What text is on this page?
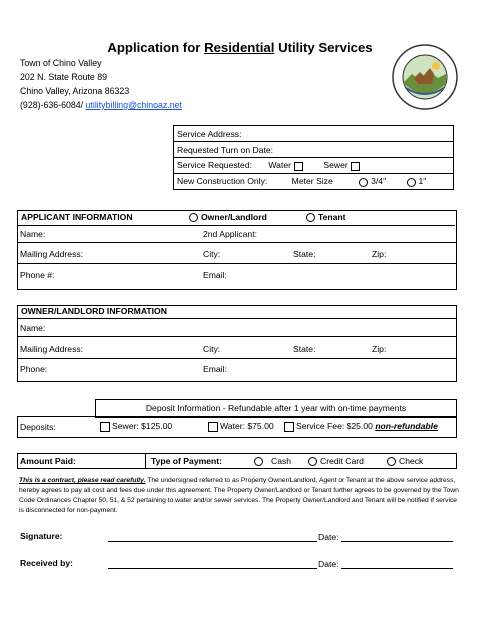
Application for Residential Utility Services
Town of Chino Valley
202 N. State Route 89
Chino Valley, Arizona 86323
(928)-636-6084/ utilitybilling@chinoaz.net
Service Address:
Requested Turn on Date:
Service Requested: Water	Sewer
New Construction Only:	Meter Size	3/4"	1"
APPLICANT INFORMATION	Owner/Landlord	Tenant
Name:	2nd Applicant:
Mailing Address:	City:	State:	Zip:
Phone #:	Email:
OWNER/LANDLORD INFORMATION
Name:
Mailing Address:	City:	State:	Zip:
Phone:	Email:
Deposit Information - Refundable after 1 year with on-time payments
Deposits:	Sewer: $125.00	Water: $75.00	Service Fee: $25.00 non-refundable
Amount Paid:	Type of Payment:	Cash	Credit Card	Check
This is a contract, please read carefully. The undersigned referred to as Property Owner/Landlord, Agent or Tenant at the above service address, hereby agrees to pay all cost and fees due under this agreement. The Property Owner/Landlord or Tenant further agrees to be governed by the Town Code Ordinances Chapter 50, 51, & 52 pertaining to water and/or sewer services. The Property Owner/Landlord and Tenant will be notified if service is disconnected for non-payment.
Signature:	Date:
Received by:	Date:
